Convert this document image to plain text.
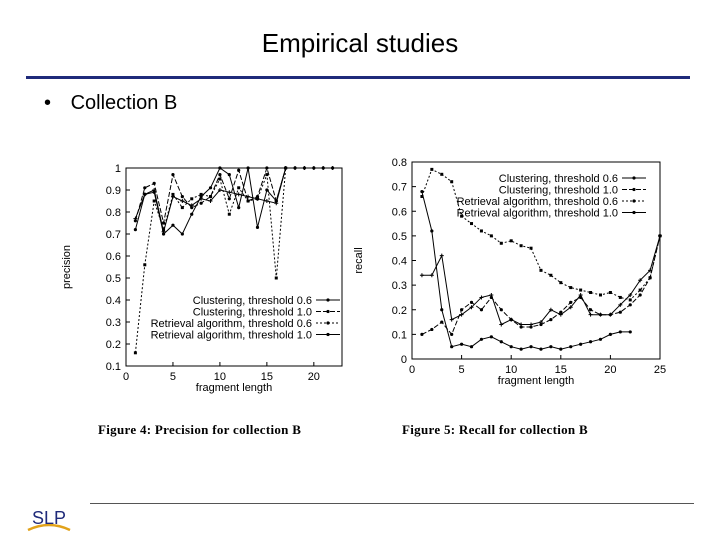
Empirical studies
• Collection B
0.1
0.2
0.3
0.4
0.5
0.6
0.7
0.8
0.9
1
0	5	10	15	20
fragment length
precision
Clustering, threshold 0.6
Clustering, threshold 1.0
Retrieval algorithm, threshold 0.6
Retrieval algorithm, threshold 1.0
0
0.1
0.2
0.3
0.4
0.5
0.6
0.7
0.8
0	5	10	15	20	25
fragment length
recall
Clustering, threshold 0.6
Clustering, threshold 1.0
Retrieval algorithm, threshold 0.6
Retrieval algorithm, threshold 1.0
Figure 4: Precision for collection B	Figure 5: Recall for collection B
SLP
